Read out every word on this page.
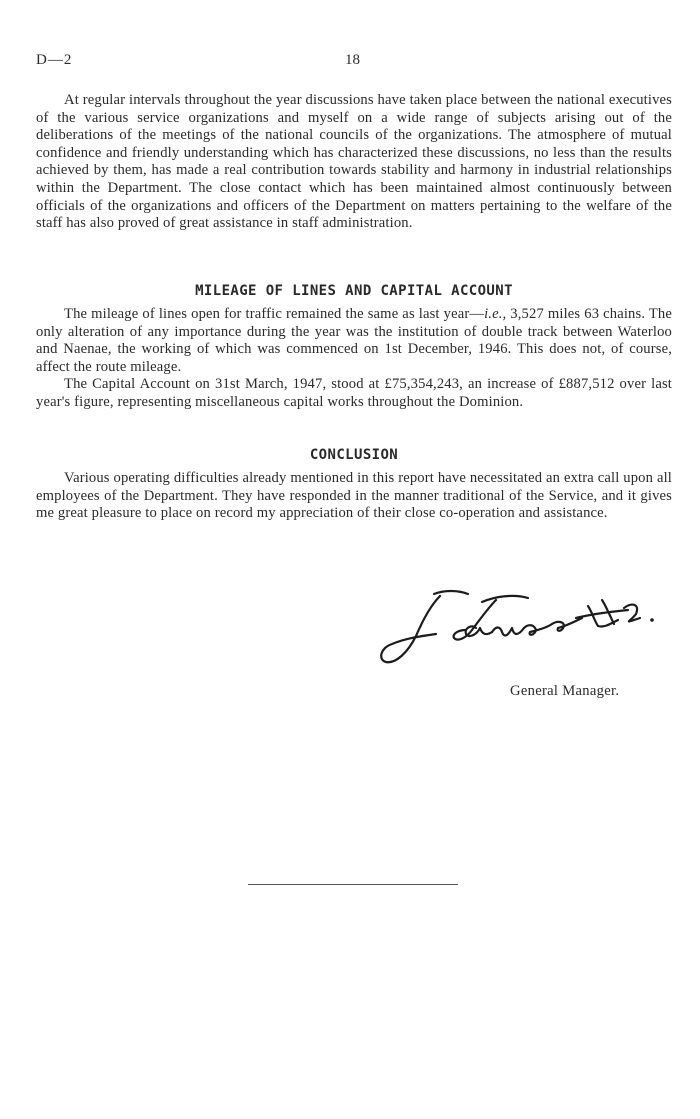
D—2	18

At regular intervals throughout the year discussions have taken place between the national executives of the various service organizations and myself on a wide range of subjects arising out of the deliberations of the meetings of the national councils of the organizations. The atmosphere of mutual confidence and friendly understanding which has characterized these discussions, no less than the results achieved by them, has made a real contribution towards stability and harmony in industrial relationships within the Department. The close contact which has been maintained almost continuously between officials of the organizations and officers of the Department on matters pertaining to the welfare of the staff has also proved of great assistance in staff administration.

MILEAGE OF LINES AND CAPITAL ACCOUNT

The mileage of lines open for traffic remained the same as last year—i.e., 3,527 miles 63 chains. The only alteration of any importance during the year was the institution of double track between Waterloo and Naenae, the working of which was commenced on 1st December, 1946. This does not, of course, affect the route mileage.

The Capital Account on 31st March, 1947, stood at £75,354,243, an increase of £887,512 over last year's figure, representing miscellaneous capital works throughout the Dominion.

CONCLUSION

Various operating difficulties already mentioned in this report have necessitated an extra call upon all employees of the Department. They have responded in the manner traditional of the Service, and it gives me great pleasure to place on record my appreciation of their close co-operation and assistance.

General Manager.
